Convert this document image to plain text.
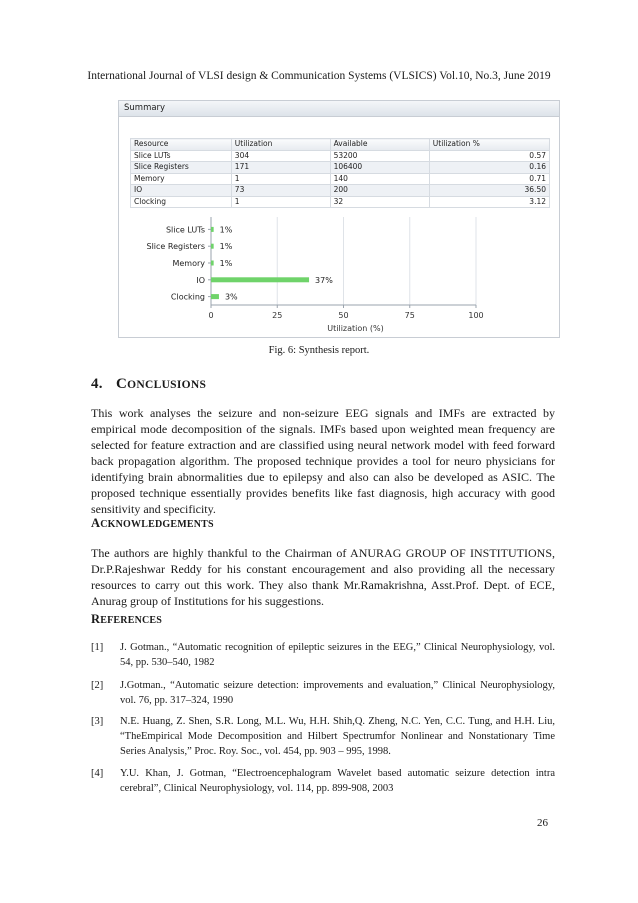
International Journal of VLSI design & Communication Systems (VLSICS) Vol.10, No.3, June 2019
Summary
Resource	Utilization	Available	Utilization %
Slice LUTs	304	53200	0.57
Slice Registers	171	106400	0.16
Memory	1	140	0.71
IO	73	200	36.50
Clocking	1	32	3.12
0	25	50	75	100
Utilization (%)
Slice LUTs 1%
Slice Registers 1%
Memory 1%
IO	37%
Clocking 3%
Fig. 6: Synthesis report.
4. CONCLUSIONS

This work analyses the seizure and non-seizure EEG signals and IMFs are extracted by empirical mode decomposition of the signals. IMFs based upon weighted mean frequency are selected for feature extraction and are classified using neural network model with feed forward back propagation algorithm. The proposed technique provides a tool for neuro physicians for identifying brain abnormalities due to epilepsy and also can also be developed as ASIC. The proposed technique essentially provides benefits like fast diagnosis, high accuracy with good sensitivity and specificity.

ACKNOWLEDGEMENTS

The authors are highly thankful to the Chairman of ANURAG GROUP OF INSTITUTIONS, Dr.P.Rajeshwar Reddy for his constant encouragement and also providing all the necessary resources to carry out this work. They also thank Mr.Ramakrishna, Asst.Prof. Dept. of ECE, Anurag group of Institutions for his suggestions.

REFERENCES
[1] J. Gotman., “Automatic recognition of epileptic seizures in the EEG,” Clinical Neurophysiology, vol. 54, pp. 530–540, 1982
[2] J.Gotman., “Automatic seizure detection: improvements and evaluation,” Clinical Neurophysiology, vol. 76, pp. 317–324, 1990
[3] N.E. Huang, Z. Shen, S.R. Long, M.L. Wu, H.H. Shih,Q. Zheng, N.C. Yen, C.C. Tung, and H.H. Liu, “TheEmpirical Mode Decomposition and Hilbert Spectrumfor Nonlinear and Nonstationary Time Series Analysis,” Proc. Roy. Soc., vol. 454, pp. 903 – 995, 1998.
[4] Y.U. Khan, J. Gotman, “Electroencephalogram Wavelet based automatic seizure detection intra cerebral”, Clinical Neurophysiology, vol. 114, pp. 899-908, 2003
26
